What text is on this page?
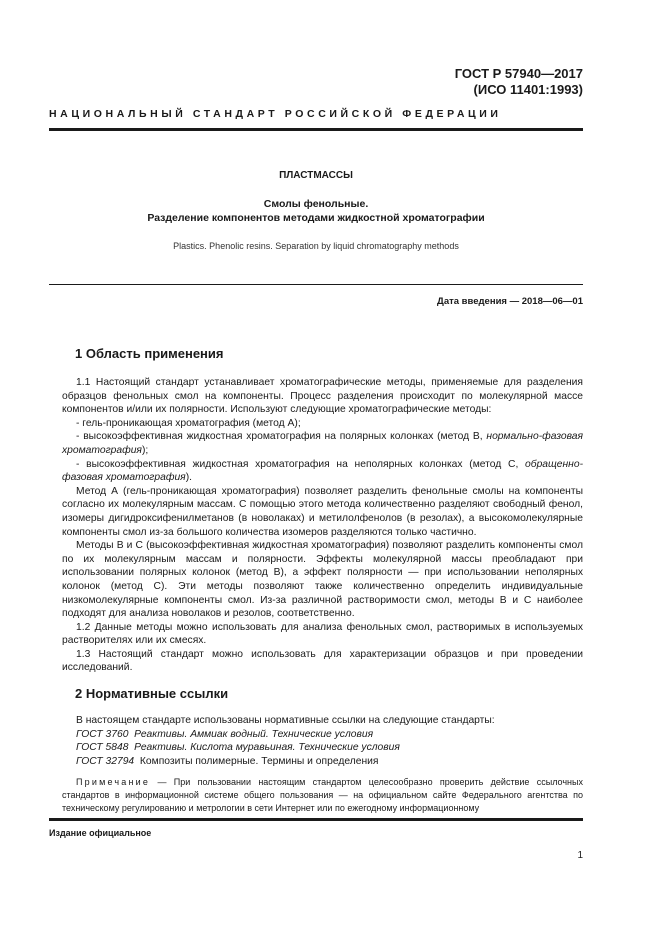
ГОСТ Р 57940—2017
(ИСО 11401:1993)
НАЦИОНАЛЬНЫЙ СТАНДАРТ РОССИЙСКОЙ ФЕДЕРАЦИИ
ПЛАСТМАССЫ
Смолы фенольные.
Разделение компонентов методами жидкостной хроматографии
Plastics. Phenolic resins. Separation by liquid chromatography methods
Дата введения — 2018—06—01
1 Область применения

1.1 Настоящий стандарт устанавливает хроматографические методы, применяемые для разделения образцов фенольных смол на компоненты. Процесс разделения происходит по молекулярной массе компонентов и/или их полярности. Используют следующие хроматографические методы:

- гель-проникающая хроматография (метод А);

- высокоэффективная жидкостная хроматография на полярных колонках (метод В, нормально-фазовая хроматография);

- высокоэффективная жидкостная хроматография на неполярных колонках (метод С, обращенно-фазовая хроматография).

Метод А (гель-проникающая хроматография) позволяет разделить фенольные смолы на компоненты согласно их молекулярным массам. С помощью этого метода количественно разделяют свободный фенол, изомеры дигидроксифенилметанов (в новолаках) и метилолфенолов (в резолах), а высокомолекулярные компоненты смол из-за большого количества изомеров разделяются только частично.

Методы В и С (высокоэффективная жидкостная хроматография) позволяют разделить компоненты смол по их молекулярным массам и полярности. Эффекты молекулярной массы преобладают при использовании полярных колонок (метод В), а эффект полярности — при использовании неполярных колонок (метод С). Эти методы позволяют также количественно определить индивидуальные низкомолекулярные компоненты смол. Из-за различной растворимости смол, методы В и С наиболее подходят для анализа новолаков и резолов, соответственно.

1.2 Данные методы можно использовать для анализа фенольных смол, растворимых в используемых растворителях или их смесях.

1.3 Настоящий стандарт можно использовать для характеризации образцов и при проведении исследований.

2 Нормативные ссылки

В настоящем стандарте использованы нормативные ссылки на следующие стандарты:

ГОСТ 3760 Реактивы. Аммиак водный. Технические условия
ГОСТ 5848 Реактивы. Кислота муравьиная. Технические условия
ГОСТ 32794 Композиты полимерные. Термины и определения
Примечание — При пользовании настоящим стандартом целесообразно проверить действие ссылочных стандартов в информационной системе общего пользования — на официальном сайте Федерального агентства по техническому регулированию и метрологии в сети Интернет или по ежегодному информационному
Издание официальное
1
